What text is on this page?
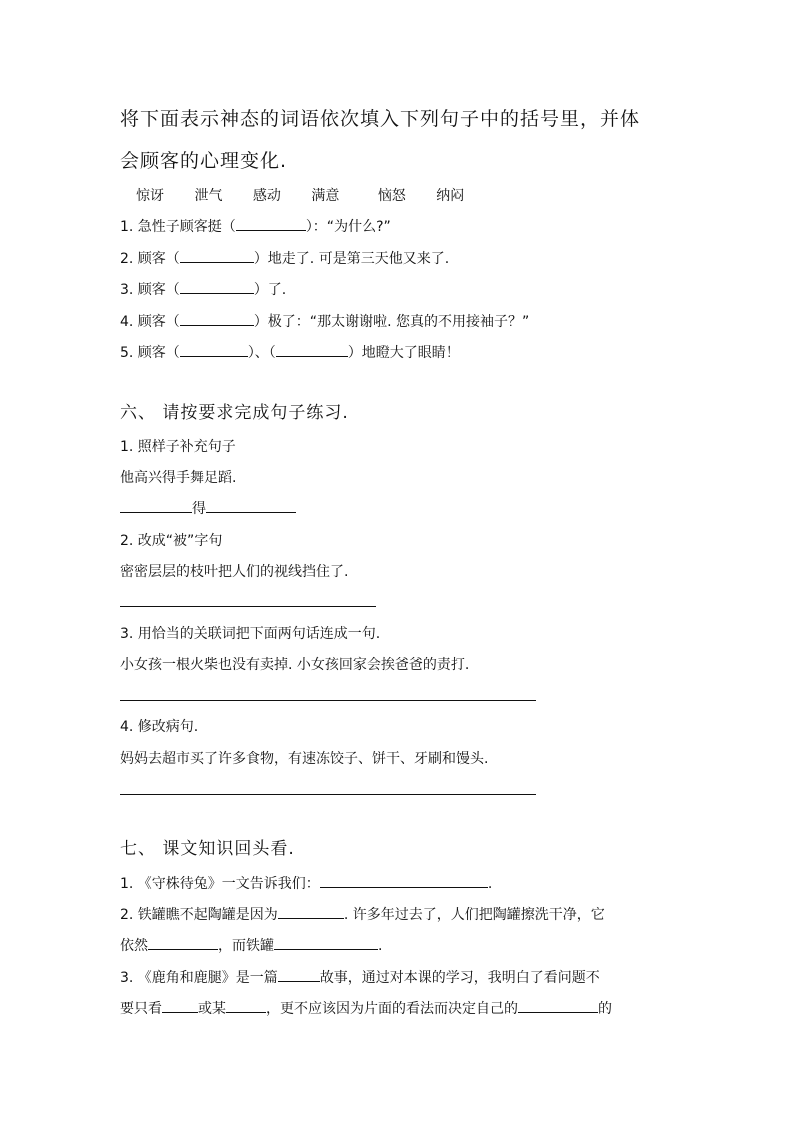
将下面表示神态的词语依次填入下列句子中的括号里，并体
会顾客的心理变化.
惊讶 泄气 感动 满意	恼怒 纳闷
1. 急性子顾客挺（	）：“为什么?”
2. 顾客（	）地走了. 可是第三天他又来了.
3. 顾客（	）了.
4. 顾客（	）极了：“那太谢谢啦. 您真的不用接袖子？”
5. 顾客（	）、（	）地瞪大了眼睛！
六、 请按要求完成句子练习.
1. 照样子补充句子
他高兴得手舞足蹈.
得
2. 改成“被”字句
密密层层的枝叶把人们的视线挡住了.
3. 用恰当的关联词把下面两句话连成一句.
小女孩一根火柴也没有卖掉. 小女孩回家会挨爸爸的责打.
4. 修改病句.
妈妈去超市买了许多食物，有速冻饺子、饼干、牙刷和馒头.
七、 课文知识回头看.
1. 《守株待兔》一文告诉我们：	.
2. 铁罐瞧不起陶罐是因为	. 许多年过去了，人们把陶罐擦洗干净，它
依然	，而铁罐	.
3. 《鹿角和鹿腿》是一篇	故事，通过对本课的学习，我明白了看问题不
要只看	或某	，更不应该因为片面的看法而决定自己的	的
